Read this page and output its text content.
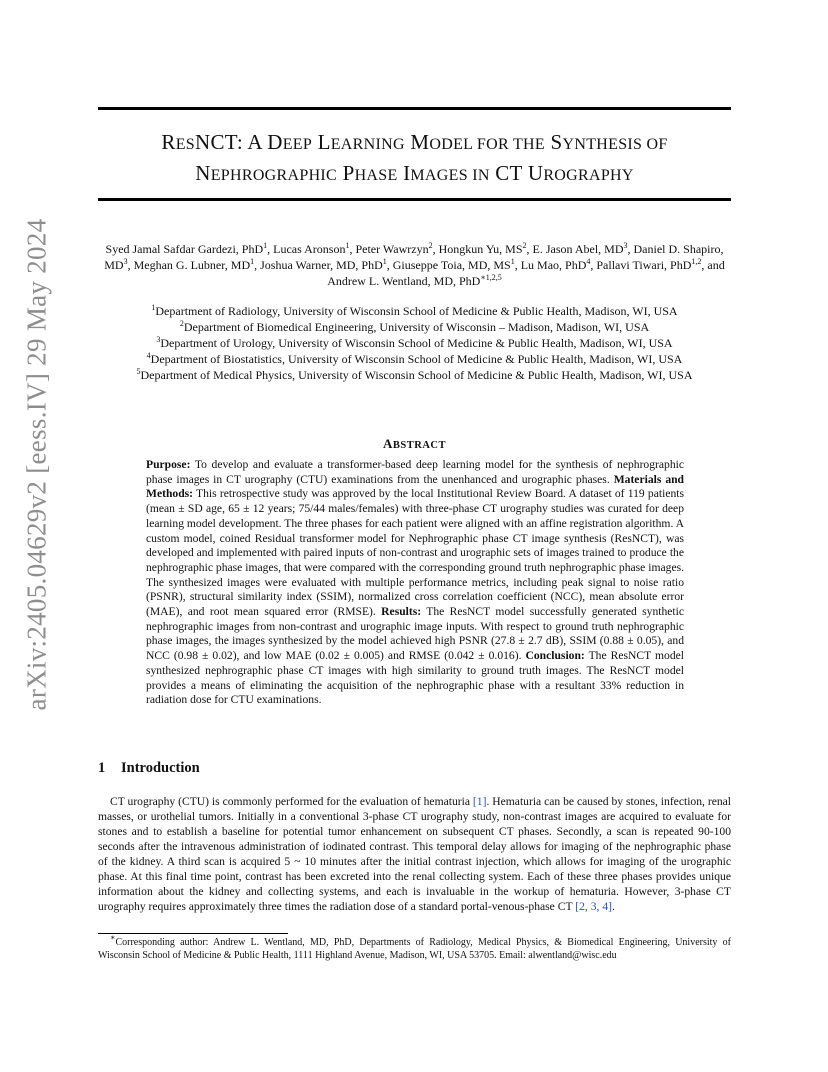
arXiv:2405.04629v2 [eess.IV] 29 May 2024
RESNCT: A DEEP LEARNING MODEL FOR THE SYNTHESIS OF
NEPHROGRAPHIC PHASE IMAGES IN CT UROGRAPHY
Syed Jamal Safdar Gardezi, PhD$^1$, Lucas Aronson$^1$, Peter Wawrzyn$^2$, Hongkun Yu, $MS^2$, E. Jason Abel, $MD^3$, Daniel D. Shapiro, $MD^3$, Meghan G. Lubner, $MD^1$, Joshua Warner, MD, PhD$^1$, Giuseppe Toia, MD, $MS^1$, Lu Mao, PhD$^4$, Pallavi Tiwari, PhD$^{1,2}$, and Andrew L. Wentland, MD, PhD$^{∗1,2,5}$
$^1$Department of Radiology, University of Wisconsin School of Medicine & Public Health, Madison, WI, USA
$^2$Department of Biomedical Engineering, University of Wisconsin – Madison, Madison, WI, USA
$^3$Department of Urology, University of Wisconsin School of Medicine & Public Health, Madison, WI, USA
$^4$Department of Biostatistics, University of Wisconsin School of Medicine & Public Health, Madison, WI, USA
$^5$Department of Medical Physics, University of Wisconsin School of Medicine & Public Health, Madison, WI, USA
ABSTRACT
Purpose: To develop and evaluate a transformer-based deep learning model for the synthesis of nephrographic phase images in CT urography (CTU) examinations from the unenhanced and urographic phases. Materials and Methods: This retrospective study was approved by the local Institutional Review Board. A dataset of 119 patients (mean ± SD age, 65 ± 12 years; 75/44 males/females) with three-phase CT urography studies was curated for deep learning model development. The three phases for each patient were aligned with an affine registration algorithm. A custom model, coined Residual transformer model for Nephrographic phase CT image synthesis (ResNCT), was developed and implemented with paired inputs of non-contrast and urographic sets of images trained to produce the nephrographic phase images, that were compared with the corresponding ground truth nephrographic phase images. The synthesized images were evaluated with multiple performance metrics, including peak signal to noise ratio (PSNR), structural similarity index (SSIM), normalized cross correlation coefficient (NCC), mean absolute error (MAE), and root mean squared error (RMSE). Results: The ResNCT model successfully generated synthetic nephrographic images from non-contrast and urographic image inputs. With respect to ground truth nephrographic phase images, the images synthesized by the model achieved high PSNR (27.8 ± 2.7 dB), SSIM (0.88 ± 0.05), and NCC (0.98 ± 0.02), and low MAE (0.02 ± 0.005) and RMSE (0.042 ± 0.016). Conclusion: The ResNCT model synthesized nephrographic phase CT images with high similarity to ground truth images. The ResNCT model provides a means of eliminating the acquisition of the nephrographic phase with a resultant 33% reduction in radiation dose for CTU examinations.
1 Introduction
CT urography (CTU) is commonly performed for the evaluation of hematuria [1]. Hematuria can be caused by stones, infection, renal masses, or urothelial tumors. Initially in a conventional 3-phase CT urography study, non-contrast images are acquired to evaluate for stones and to establish a baseline for potential tumor enhancement on subsequent CT phases. Secondly, a scan is repeated 90-100 seconds after the intravenous administration of iodinated contrast. This temporal delay allows for imaging of the nephrographic phase of the kidney. A third scan is acquired 5 ~ 10 minutes after the initial contrast injection, which allows for imaging of the urographic phase. At this final time point, contrast has been excreted into the renal collecting system. Each of these three phases provides unique information about the kidney and collecting systems, and each is invaluable in the workup of hematuria. However, 3-phase CT urography requires approximately three times the radiation dose of a standard portal-venous-phase CT [2, 3, 4].
∗Corresponding author: Andrew L. Wentland, MD, PhD, Departments of Radiology, Medical Physics, & Biomedical Engineering, University of Wisconsin School of Medicine & Public Health, 1111 Highland Avenue, Madison, WI, USA 53705. Email: alwentland@wisc.edu
